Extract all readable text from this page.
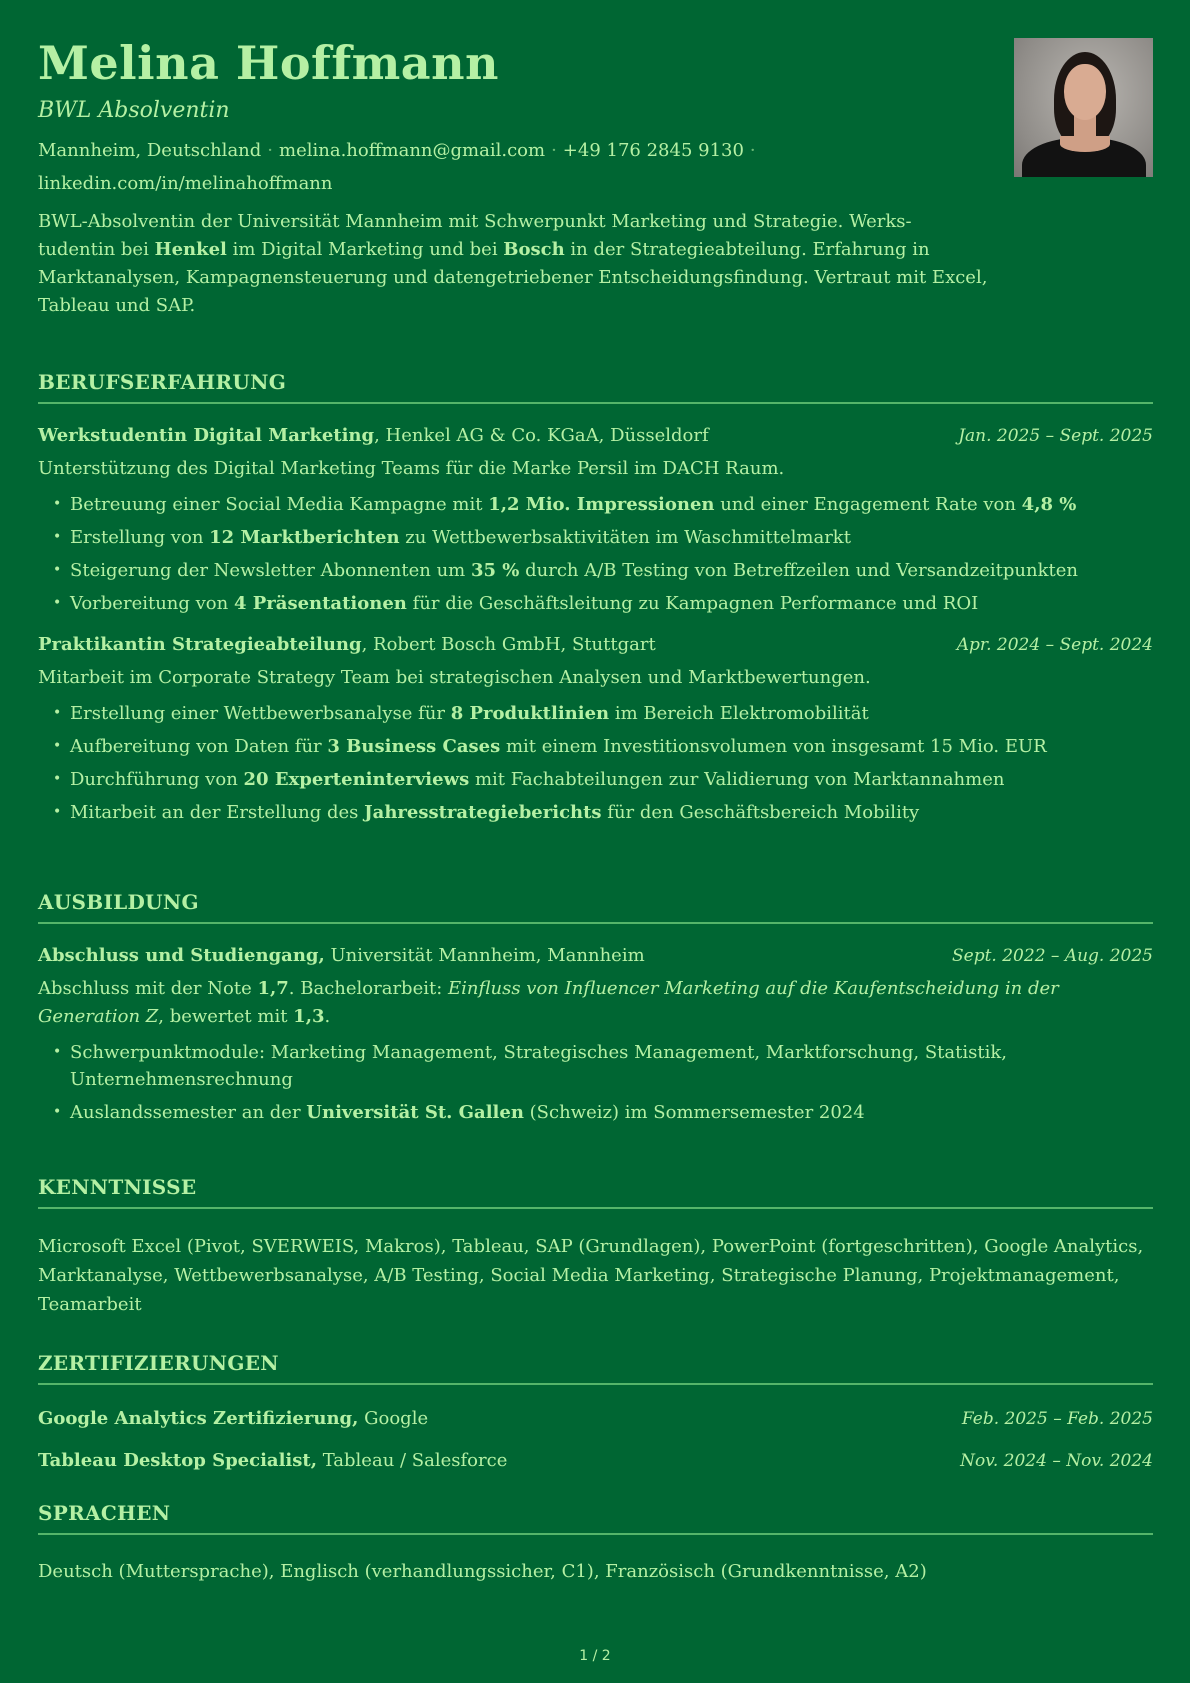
Melina Hoffmann
BWL Absolventin
Mannheim, Deutschland · melina.hoffmann@gmail.com · +49 176 2845 9130 ·
linkedin.com/in/melinahoffmann
BWL-Absolventin der Universität Mannheim mit Schwerpunkt Marketing und Strategie. Werks-tudentin bei Henkel im Digital Marketing und bei Bosch in der Strategieabteilung. Erfahrung in Marktanalysen, Kampagnensteuerung und datengetriebener Entscheidungsfindung. Vertraut mit Excel, Tableau und SAP.
BERUFSERFAHRUNG
Werkstudentin Digital Marketing, Henkel AG & Co. KGaA, Düsseldorf	Jan. 2025 – Sept. 2025
Unterstützung des Digital Marketing Teams für die Marke Persil im DACH Raum.
• Betreuung einer Social Media Kampagne mit 1,2 Mio. Impressionen und einer Engagement Rate von 4,8 %
• Erstellung von 12 Marktberichten zu Wettbewerbsaktivitäten im Waschmittelmarkt
• Steigerung der Newsletter Abonnenten um 35 % durch A/B Testing von Betreffzeilen und Versandzeitpunkten
• Vorbereitung von 4 Präsentationen für die Geschäftsleitung zu Kampagnen Performance und ROI
Praktikantin Strategieabteilung, Robert Bosch GmbH, Stuttgart	Apr. 2024 – Sept. 2024
Mitarbeit im Corporate Strategy Team bei strategischen Analysen und Marktbewertungen.
• Erstellung einer Wettbewerbsanalyse für 8 Produktlinien im Bereich Elektromobilität
• Aufbereitung von Daten für 3 Business Cases mit einem Investitionsvolumen von insgesamt 15 Mio. EUR
• Durchführung von 20 Experteninterviews mit Fachabteilungen zur Validierung von Marktannahmen
• Mitarbeit an der Erstellung des Jahresstrategieberichts für den Geschäftsbereich Mobility
AUSBILDUNG
Abschluss und Studiengang, Universität Mannheim, Mannheim	Sept. 2022 – Aug. 2025
Abschluss mit der Note 1,7. Bachelorarbeit: Einfluss von Influencer Marketing auf die Kaufentscheidung in der Generation Z, bewertet mit 1,3.
• Schwerpunktmodule: Marketing Management, Strategisches Management, Marktforschung, Statistik, Unternehmensrechnung
• Auslandssemester an der Universität St. Gallen (Schweiz) im Sommersemester 2024
KENNTNISSE
Microsoft Excel (Pivot, SVERWEIS, Makros), Tableau, SAP (Grundlagen), PowerPoint (fortgeschritten), Google Analytics, Marktanalyse, Wettbewerbsanalyse, A/B Testing, Social Media Marketing, Strategische Planung, Projektmanagement, Teamarbeit
ZERTIFIZIERUNGEN
Google Analytics Zertifizierung, Google	Feb. 2025 – Feb. 2025
Tableau Desktop Specialist, Tableau / Salesforce	Nov. 2024 – Nov. 2024
SPRACHEN
Deutsch (Muttersprache), Englisch (verhandlungssicher, C1), Französisch (Grundkenntnisse, A2)
1 / 2
